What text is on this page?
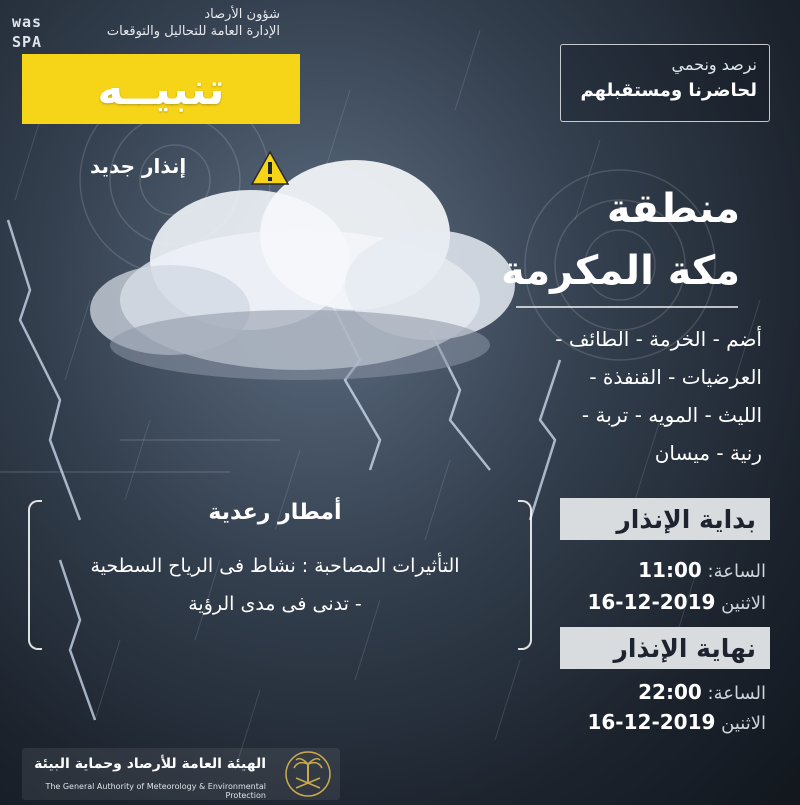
was
SPA
شؤون الأرصاد
الإدارة العامة للتحاليل والتوقعات
تنبيــه
إنذار جديد
نرصد ونحمي
لحاضرنا ومستقبلهم
منطقة
مكة المكرمة
أضم - الخرمة - الطائف -
العرضيات - القنفذة -
الليث - المويه - تربة -
رنية - ميسان
أمطار رعدية
التأثيرات المصاحبة : نشاط فى الرياح السطحية
- تدنى فى مدى الرؤية
بداية الإنذار
الساعة: 11:00
الاثنين 2019-12-16
نهاية الإنذار
الساعة: 22:00
الاثنين 2019-12-16
الهيئة العامة للأرصاد وحماية البيئة
The General Authority of Meteorology & Environmental Protection
